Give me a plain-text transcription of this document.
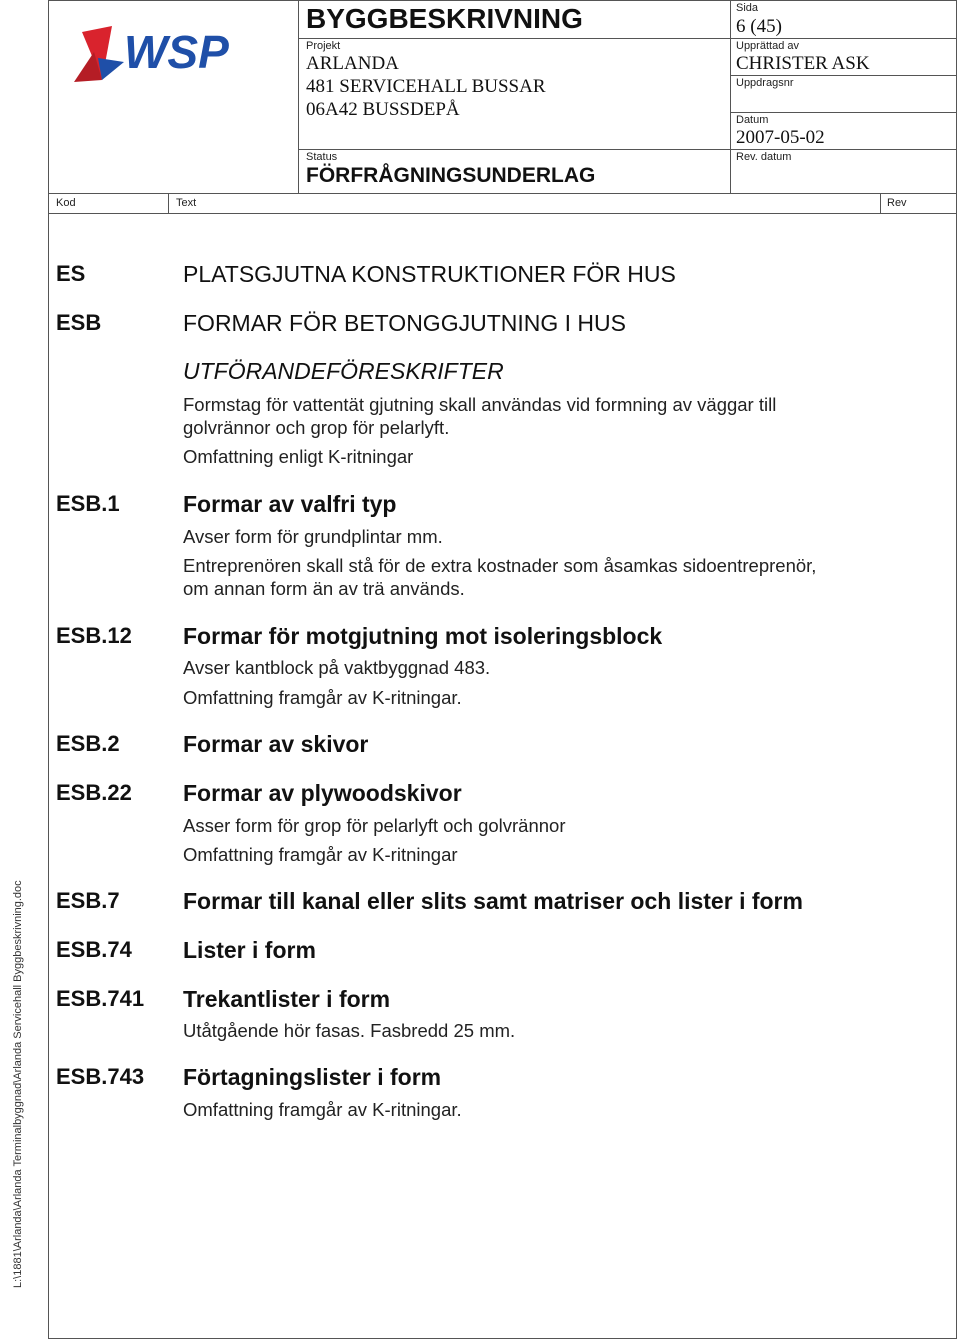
L:\1881\Arlanda\Arlanda Terminalbyggnad\Arlanda Servicehall Byggbeskrivning.doc
WSP
BYGGBESKRIVNING
Projekt
ARLANDA
481 SERVICEHALL BUSSAR
06A42 BUSSDEPÅ
Status
FÖRFRÅGNINGSUNDERLAG
Sida
6 (45)
Upprättad av
CHRISTER ASK
Uppdragsnr
Datum
2007-05-02
Rev. datum
Kod	Text	Rev
ES	PLATSGJUTNA KONSTRUKTIONER FÖR HUS
ESB	FORMAR FÖR BETONGGJUTNING I HUS
UTFÖRANDEFÖRESKRIFTER
Formstag för vattentät gjutning skall användas vid formning av väggar till
golvrännor och grop för pelarlyft.
Omfattning enligt K-ritningar
ESB.1	Formar av valfri typ
Avser form för grundplintar mm.
Entreprenören skall stå för de extra kostnader som åsamkas sidoentreprenör,
om annan form än av trä används.
ESB.12 Formar för motgjutning mot isoleringsblock
Avser kantblock på vaktbyggnad 483.
Omfattning framgår av K-ritningar.
ESB.2	Formar av skivor
ESB.22 Formar av plywoodskivor
Asser form för grop för pelarlyft och golvrännor
Omfattning framgår av K-ritningar
ESB.7	Formar till kanal eller slits samt matriser och lister i form
ESB.74 Lister i form
ESB.741 Trekantlister i form
Utåtgående hör fasas. Fasbredd 25 mm.
ESB.743 Förtagningslister i form
Omfattning framgår av K-ritningar.
